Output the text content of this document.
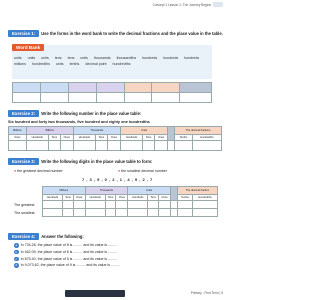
Concept 1 Lesson 1: The Journey Begins
Exercise 1:	Use the forms in the word bank to write the decimal fractions and the place value in the table.
Word Bank
units units units tens tens units thousands thousandths hundreds hundreds hundreds millions hundredths units tenths decimal point hundredths

Exercise 2:	Write the following number in the place value table:
Six hundred and forty two thousands, five hundred and eighty one hundredths
Millions	Billions			Thousands			Units				The decimal fractions	
Ones	Hundreds	Tens	Ones	Hundreds	Tens	Ones	Hundreds	Tens	Ones		Tenths	Hundredths

Exercise 3:	Write the following digits in the place value table to form:
● the greatest decimal number	● the smallest decimal number
7 , 3 , 9 , 0 , 2 , 1 , 4 , 9 , 2 , 7
Millions			Thousands			Units				The decimal fraction	
Hundreds	Tens	Ones	Hundreds	Tens	Ones	Hundreds	Tens	Ones		Tenths	Hundredths

The greatest:
The smallest:
Exercise 4:	Answer the following:
a In 734.28, the place value of 8 is ......... and its value is .........
b In 462.09, the place value of 6 is ......... and its value is .........
c In 675.40, the place value of 5 is ......... and its value is .........
d In 9,073.62, the place value of 9 is ......... and its value is .........
Primary - First Term | 5
